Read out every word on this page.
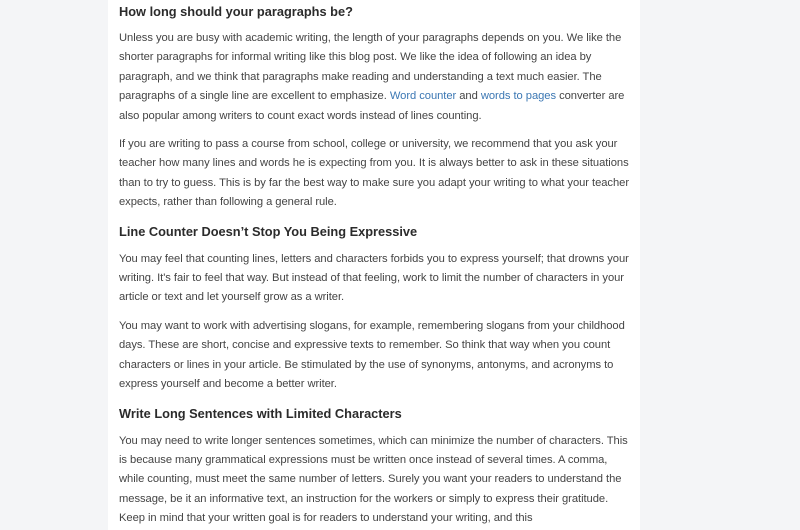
How long should your paragraphs be?

Unless you are busy with academic writing, the length of your paragraphs depends on you. We like the shorter paragraphs for informal writing like this blog post. We like the idea of following an idea by paragraph, and we think that paragraphs make reading and understanding a text much easier. The paragraphs of a single line are excellent to emphasize. Word counter and words to pages converter are also popular among writers to count exact words instead of lines counting.

If you are writing to pass a course from school, college or university, we recommend that you ask your teacher how many lines and words he is expecting from you. It is always better to ask in these situations than to try to guess. This is by far the best way to make sure you adapt your writing to what your teacher expects, rather than following a general rule.

Line Counter Doesn’t Stop You Being Expressive

You may feel that counting lines, letters and characters forbids you to express yourself; that drowns your writing. It's fair to feel that way. But instead of that feeling, work to limit the number of characters in your article or text and let yourself grow as a writer.

You may want to work with advertising slogans, for example, remembering slogans from your childhood days. These are short, concise and expressive texts to remember. So think that way when you count characters or lines in your article. Be stimulated by the use of synonyms, antonyms, and acronyms to express yourself and become a better writer.

Write Long Sentences with Limited Characters

You may need to write longer sentences sometimes, which can minimize the number of characters. This is because many grammatical expressions must be written once instead of several times. A comma, while counting, must meet the same number of letters. Surely you want your readers to understand the message, be it an informative text, an instruction for the workers or simply to express their gratitude. Keep in mind that your written goal is for readers to understand your writing, and this
